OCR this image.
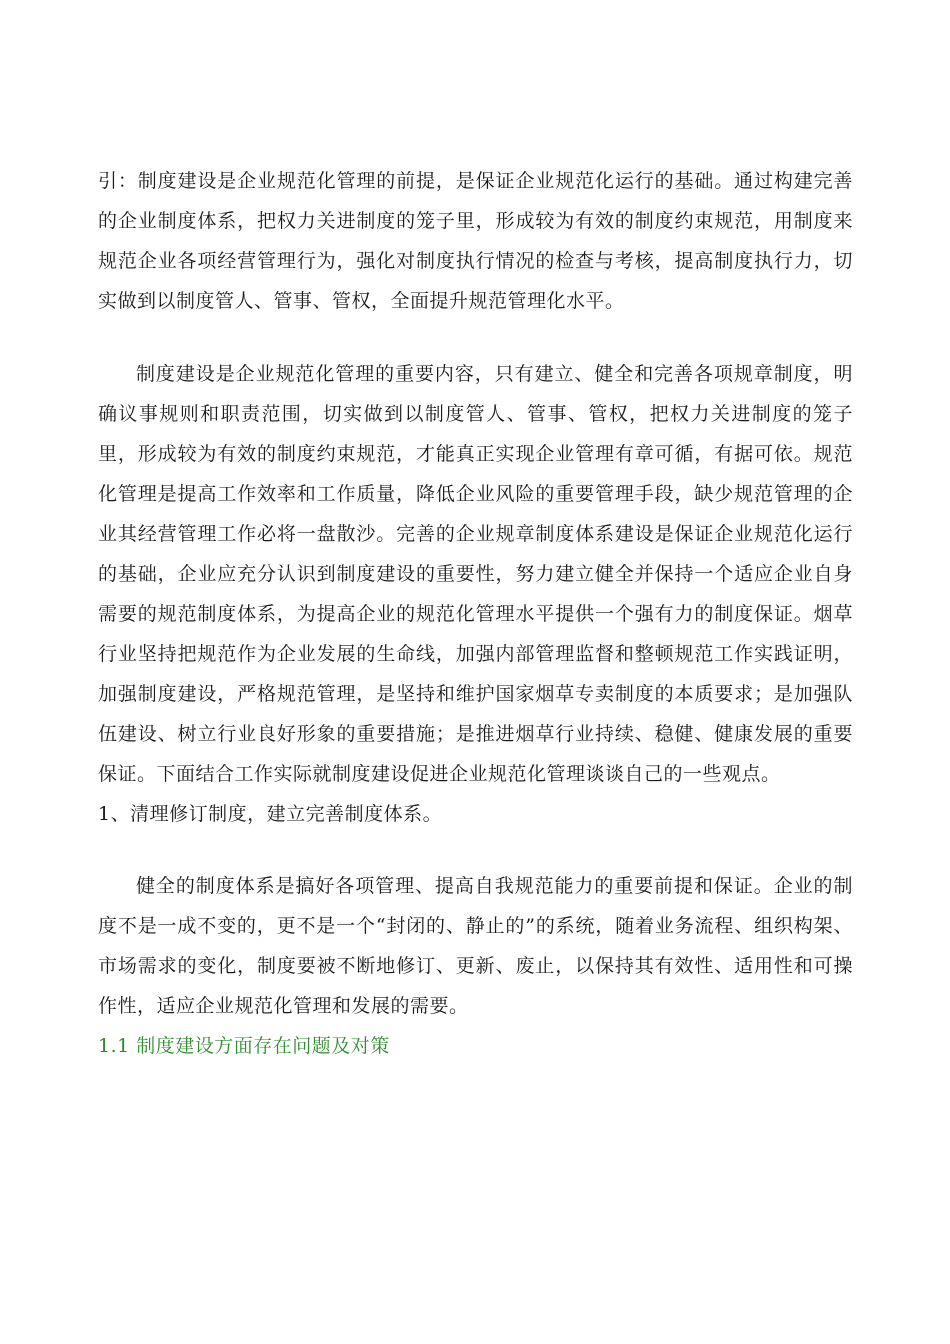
引：制度建设是企业规范化管理的前提，是保证企业规范化运行的基础。通过构建完善的企业制度体系，把权力关进制度的笼子里，形成较为有效的制度约束规范，用制度来规范企业各项经营管理行为，强化对制度执行情况的检查与考核，提高制度执行力，切实做到以制度管人、管事、管权，全面提升规范管理化水平。

制度建设是企业规范化管理的重要内容，只有建立、健全和完善各项规章制度，明确议事规则和职责范围，切实做到以制度管人、管事、管权，把权力关进制度的笼子里，形成较为有效的制度约束规范，才能真正实现企业管理有章可循，有据可依。规范化管理是提高工作效率和工作质量，降低企业风险的重要管理手段，缺少规范管理的企业其经营管理工作必将一盘散沙。完善的企业规章制度体系建设是保证企业规范化运行的基础，企业应充分认识到制度建设的重要性，努力建立健全并保持一个适应企业自身需要的规范制度体系，为提高企业的规范化管理水平提供一个强有力的制度保证。烟草行业坚持把规范作为企业发展的生命线，加强内部管理监督和整顿规范工作实践证明，加强制度建设，严格规范管理，是坚持和维护国家烟草专卖制度的本质要求；是加强队伍建设、树立行业良好形象的重要措施；是推进烟草行业持续、稳健、健康发展的重要保证。下面结合工作实际就制度建设促进企业规范化管理谈谈自己的一些观点。

1、清理修订制度，建立完善制度体系。

健全的制度体系是搞好各项管理、提高自我规范能力的重要前提和保证。企业的制度不是一成不变的，更不是一个“封闭的、静止的”的系统，随着业务流程、组织构架、市场需求的变化，制度要被不断地修订、更新、废止，以保持其有效性、适用性和可操作性，适应企业规范化管理和发展的需要。

1.1 制度建设方面存在问题及对策
